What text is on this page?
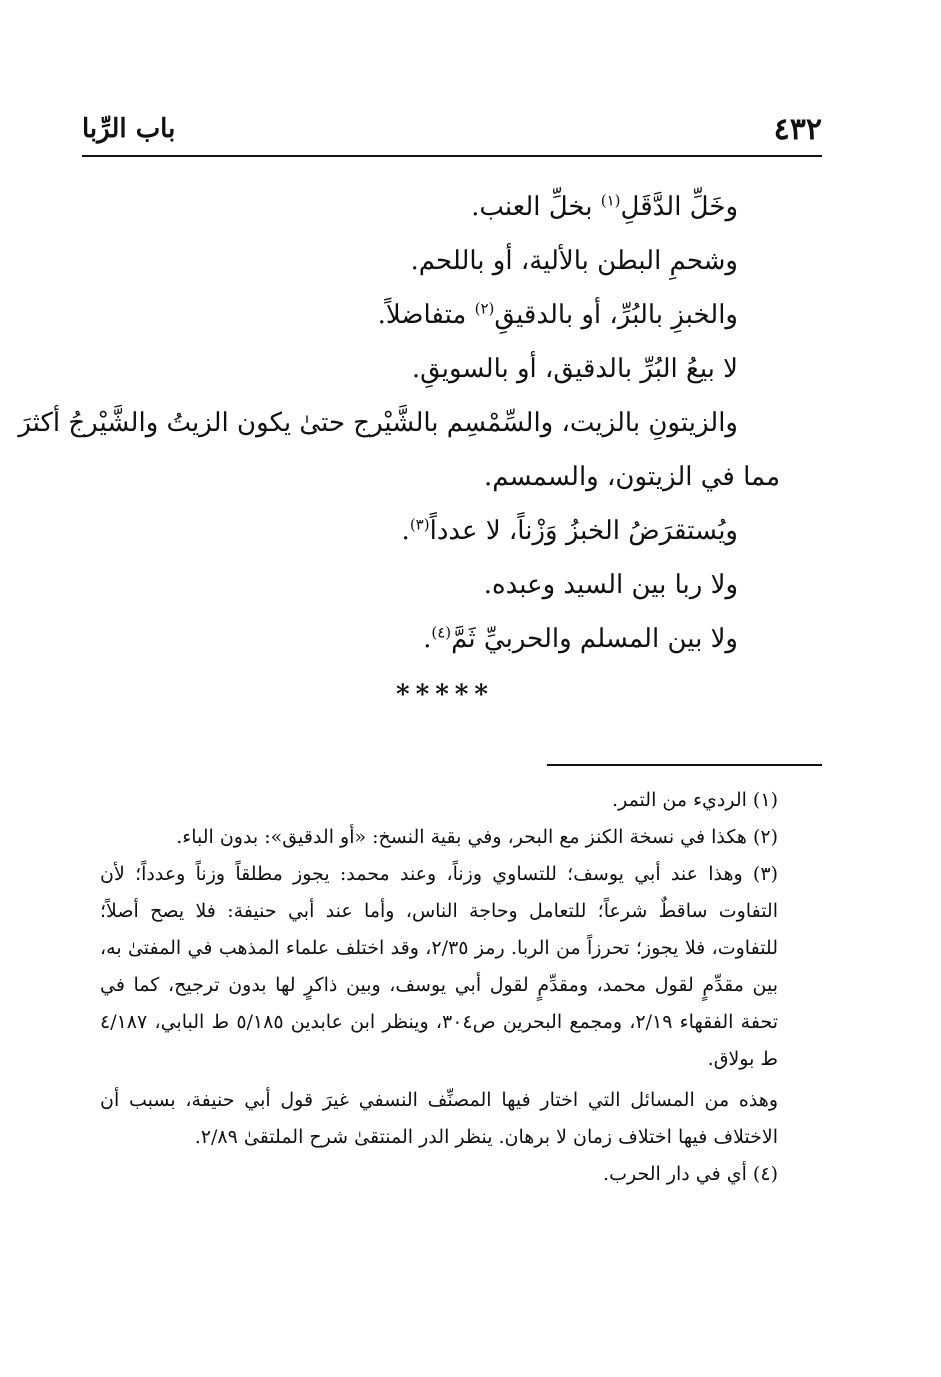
٤٣٢
باب الرِّبا
وخَلِّ الدَّقَلِ$^{(١)}$ بخلِّ العنب.
وشحمِ البطن بالألية، أو باللحم.
والخبزِ بالبُرِّ، أو بالدقيقِ$^{(٢)}$ متفاضلاً.
لا بيعُ البُرِّ بالدقيق، أو بالسويقِ.
والزيتونِ بالزيت، والسِّمْسِم بالشَّيْرج حتىٰ يكون الزيتُ والشَّيْرجُ أكثرَ
مما في الزيتون، والسمسم.
ويُستقرَضُ الخبزُ وَزْناً، لا عدداً$^{(٣)}$.
ولا ربا بين السيد وعبده.
ولا بين المسلم والحربيِّ ثَمَّ$^{(٤)}$.
*****
(١) الرديء من التمر.
(٢) هكذا في نسخة الكنز مع البحر، وفي بقية النسخ: «أو الدقيق»: بدون الباء.
(٣) وهذا عند أبي يوسف؛ للتساوي وزناً، وعند محمد: يجوز مطلقاً وزناً وعدداً؛ لأن التفاوت ساقطٌ شرعاً؛ للتعامل وحاجة الناس، وأما عند أبي حنيفة: فلا يصح أصلاً؛ للتفاوت، فلا يجوز؛ تحرزاً من الربا. رمز ٢/٣٥، وقد اختلف علماء المذهب في المفتىٰ به، بين مقدِّمٍ لقول محمد، ومقدِّمٍ لقول أبي يوسف، وبين ذاكرٍ لها بدون ترجيح، كما في تحفة الفقهاء ٢/١٩، ومجمع البحرين ص٣٠٤، وينظر ابن عابدين ٥/١٨٥ ط البابي، ٤/١٨٧ ط بولاق.
وهذه من المسائل التي اختار فيها المصنِّف النسفي غيرَ قول أبي حنيفة، بسبب أن الاختلاف فيها اختلاف زمان لا برهان. ينظر الدر المنتقىٰ شرح الملتقىٰ ٢/٨٩.
(٤) أي في دار الحرب.
